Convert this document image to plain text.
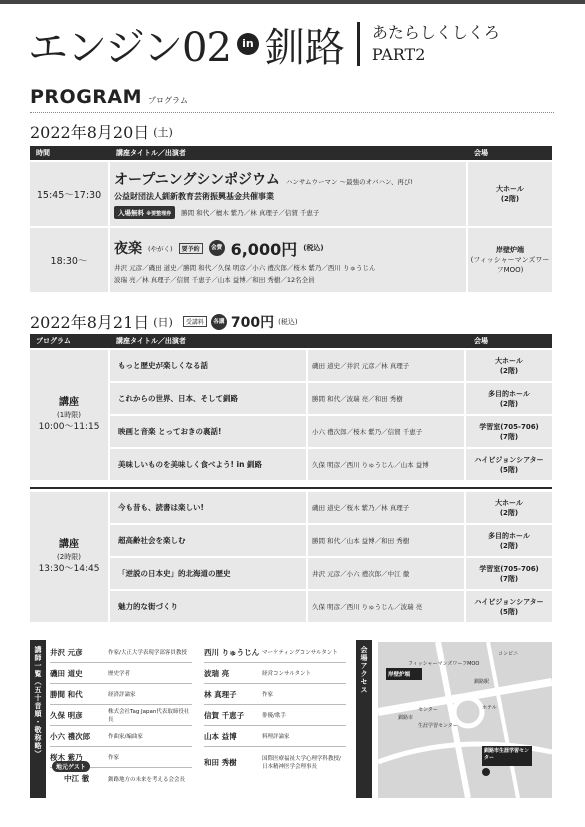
エンジン02	in 釧路 あたらしくしくろ
PART2
PROGRAM プログラム
2022年8月20日 (土)
時間	講座タイトル／出演者	会場
15:45〜17:30
オープニングシンポジウム ハンサムウーマン 〜最強のオバハン、再び!
公益財団法人釧新教育芸術振興基金共催事業
入場無料 ※要整理券	勝間 和代／檀木 紫乃／林 真理子／信賀 千恵子
大ホール
(2階)
18:30〜
夜楽 (やがく)	要予約	会費 6,000円 (税込)
井沢 元彦／磯田 道史／勝間 和代／久保 明彦／小六 禮次郎／桜木 紫乃／西川 りゅうじん
波瑞 亮／林 真理子／信賀 千恵子／山本 益博／和田 秀樹／12名全員
岸壁炉端
(フィッシャーマンズワーフMOO)
2022年8月21日 (日)	受講料	各講 700円 (税込)
プログラム	講座タイトル／出演者	会場
講座
(1時限)
10:00〜11:15
もっと歴史が楽しくなる話	磯田 道史／井沢 元彦／林 真理子
大ホール
(2階)
これからの世界、日本、そして釧路	勝間 和代／波瑞 亮／和田 秀樹
多目的ホール
(2階)
映画と音楽 とっておきの裏話!	小六 禮次郎／桜木 紫乃／信賀 千恵子
学習室(705-706)
(7階)
美味しいものを美味しく食べよう! in 釧路	久保 明彦／西川 りゅうじん／山本 益博
ハイビジョンシアター
(5階)
講座
(2時限)
13:30〜14:45
今も昔も、読書は楽しい!	磯田 道史／桜木 紫乃／林 真理子
大ホール
(2階)
超高齢社会を楽しむ	勝間 和代／山本 益博／和田 秀樹
多目的ホール
(2階)
「逆説の日本史」的北海道の歴史	井沢 元彦／小六 禮次郎／中江 徹
学習室(705-706)
(7階)
魅力的な街づくり	久保 明彦／西川 りゅうじん／波瑞 亮
ハイビジョンシアター
(5階)
講師一覧（五十音順・敬称略）	井沢 元彦	作家/大正大学表現学部客員教授
磯田 道史	歴史学者
勝間 和代	経済評論家
久保 明彦	株式会社Tag Japan代表取締役社長
小六 禮次郎	作曲家/編曲家
桜木 紫乃	作家
地元ゲスト
中江 徹	釧路地方の未来を考える会会長
西川 りゅうじん マーケティングコンサルタント
波瑞 亮	経営コンサルタント
林 真理子	作家
信賀 千恵子	俳優/歌手
山本 益博	料理評論家
和田 秀樹	国際医療福祉大学心理学科教授/日本精神医学会理事長
会場アクセス	フィッシャーマンズワーフMOO
岸壁炉端
コンビニ
釧路市生涯学習センター
ホテル
釧路駅
センター
釧路市
生涯学習センター
